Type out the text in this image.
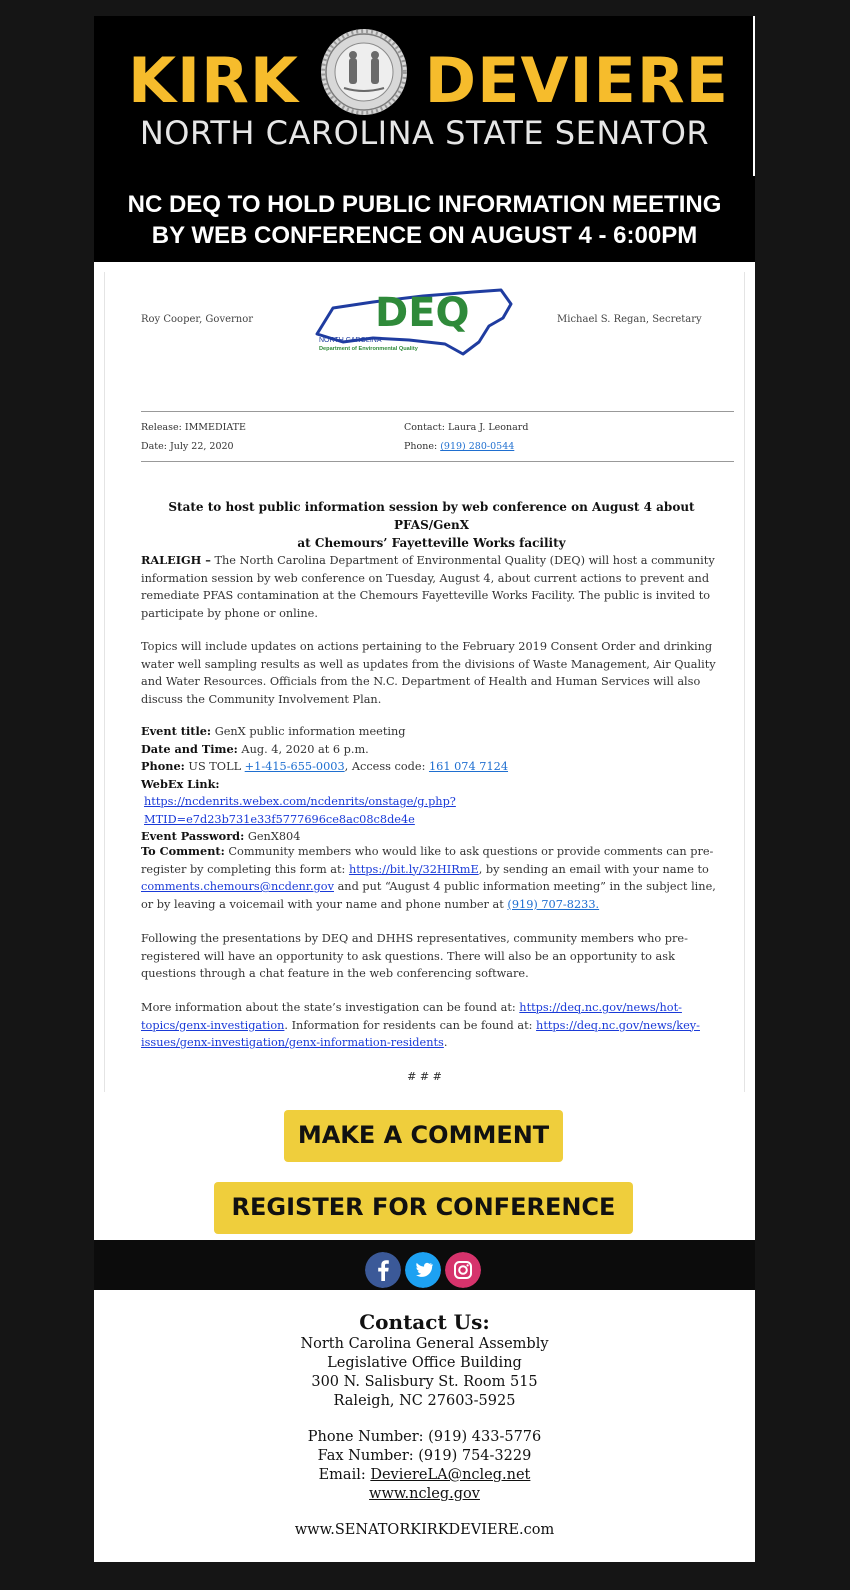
KIRK DEVIERE
NORTH CAROLINA STATE SENATOR
NC DEQ TO HOLD PUBLIC INFORMATION MEETING
BY WEB CONFERENCE ON AUGUST 4 - 6:00PM
Roy Cooper, Governor	DEQ
NORTH CAROLINA
Department of Environmental Quality
Michael S. Regan, Secretary
Release: IMMEDIATE
Date: July 22, 2020
Contact: Laura J. Leonard
Phone: (919) 280-0544
State to host public information session by web conference on August 4 about PFAS/GenX
at Chemours’ Fayetteville Works facility
RALEIGH – The North Carolina Department of Environmental Quality (DEQ) will host a community information session by web conference on Tuesday, August 4, about current actions to prevent and remediate PFAS contamination at the Chemours Fayetteville Works Facility. The public is invited to participate by phone or online.
Topics will include updates on actions pertaining to the February 2019 Consent Order and drinking water well sampling results as well as updates from the divisions of Waste Management, Air Quality and Water Resources. Officials from the N.C. Department of Health and Human Services will also discuss the Community Involvement Plan.
Event title: GenX public information meeting
Date and Time: Aug. 4, 2020 at 6 p.m.
Phone: US TOLL +1-415-655-0003, Access code: 161 074 7124
WebEx Link:
https://ncdenrits.webex.com/ncdenrits/onstage/g.php?MTID=e7d23b731e33f5777696ce8ac08c8de4e
Event Password: GenX804
To Comment: Community members who would like to ask questions or provide comments can pre-register by completing this form at: https://bit.ly/32HIRmE, by sending an email with your name to comments.chemours@ncdenr.gov and put “August 4 public information meeting” in the subject line, or by leaving a voicemail with your name and phone number at (919) 707-8233.
Following the presentations by DEQ and DHHS representatives, community members who pre-registered will have an opportunity to ask questions. There will also be an opportunity to ask questions through a chat feature in the web conferencing software.
More information about the state’s investigation can be found at: https://deq.nc.gov/news/hot-topics/genx-investigation. Information for residents can be found at: https://deq.nc.gov/news/key-issues/genx-investigation/genx-information-residents.
# # #
MAKE A COMMENT
REGISTER FOR CONFERENCE
Contact Us:
North Carolina General Assembly
Legislative Office Building
300 N. Salisbury St. Room 515
Raleigh, NC 27603-5925
Phone Number: (919) 433-5776
Fax Number: (919) 754-3229
Email: DeviereLA@ncleg.net
www.ncleg.gov
www.SENATORKIRKDEVIERE.com
